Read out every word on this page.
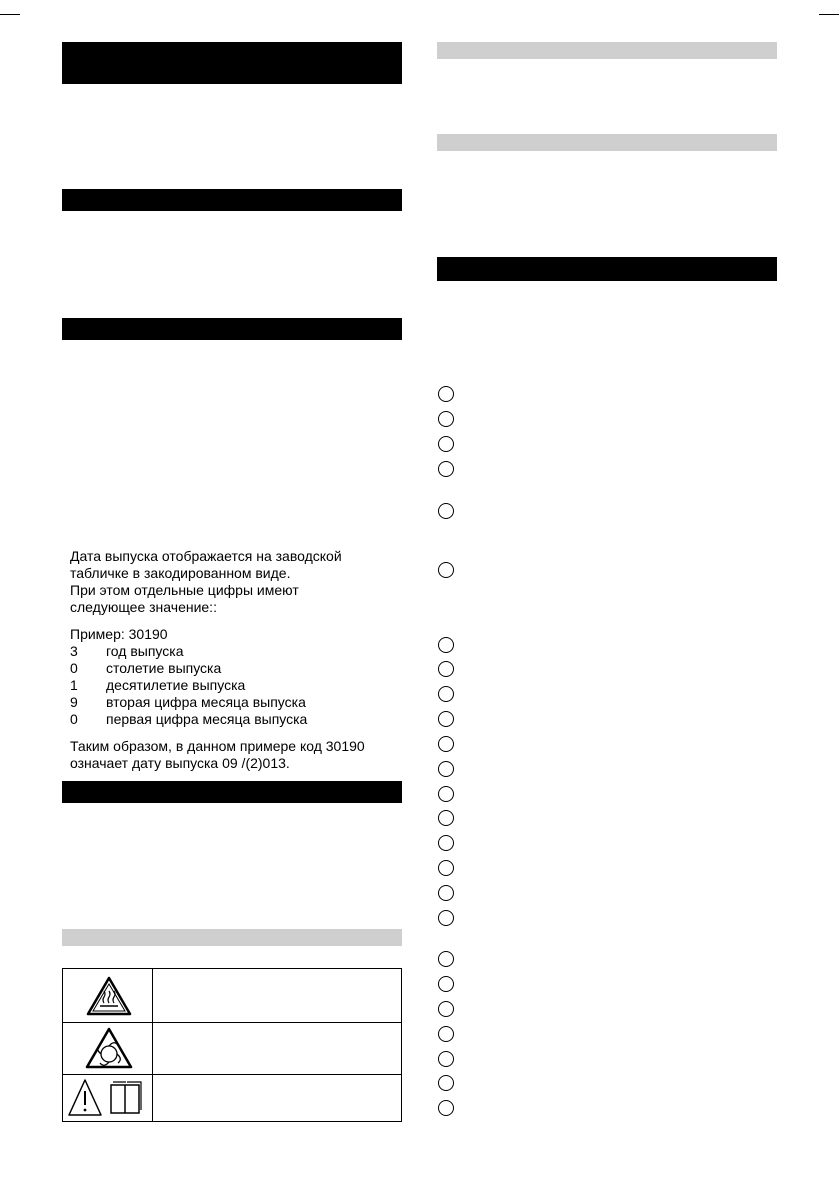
Дата выпуска отображается на заводской

табличке в закодированном виде.

При этом отдельные цифры имеют

следующее значение::

Пример: 30190
3	год выпуска
0	столетие выпуска
1	десятилетие выпуска
9	вторая цифра месяца выпуска
0	первая цифра месяца выпуска

Таким образом, в данном примере код 30190

означает дату выпуска 09 /(2)013.
